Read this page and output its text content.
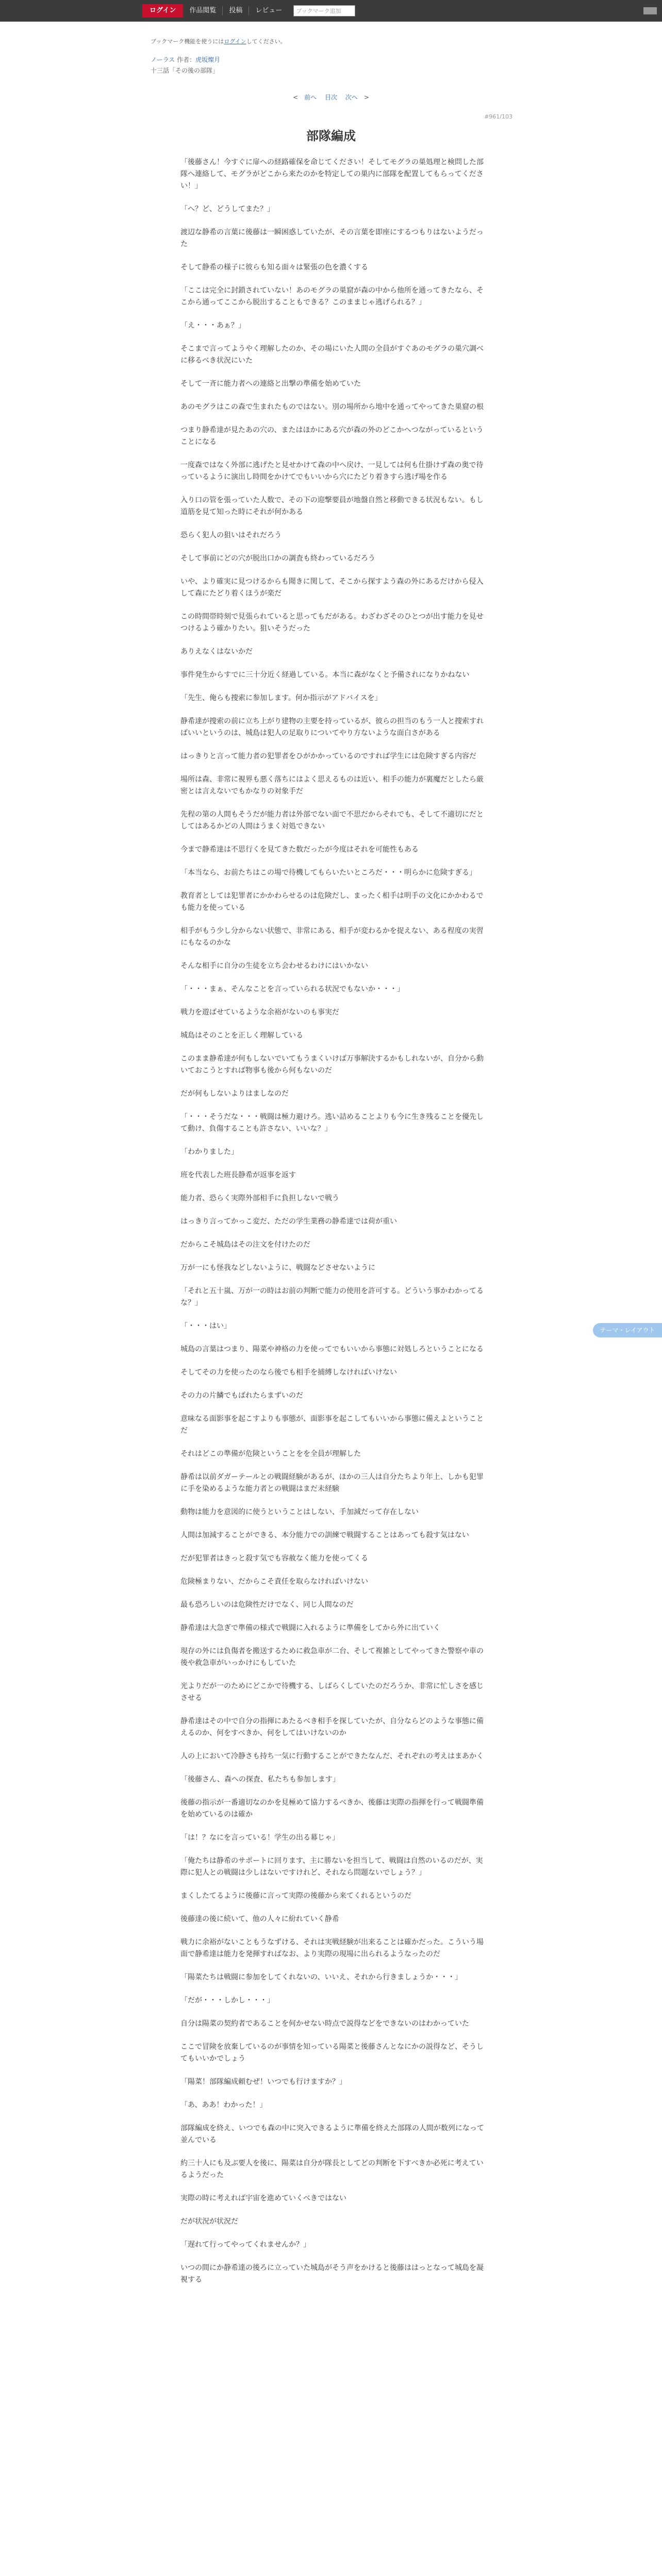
ログイン	作品閲覧	投稿	レビュー	ブックマーク追加
ブックマーク機能を使うにはログインしてください。
ノーラス 作者：虎坂燦月
十三話「その後の部隊」
< 前へ 目次 次へ >
#961/103
部隊編成

「後藤さん！今すぐに扉への経路確保を命じてください！そしてモグラの巣処理と検問した部隊へ連絡して、モグラがどこから来たのかを特定しての巣内に部隊を配置してもらってください！」

「へ？ど、どうしてまた？」

渡辺な静希の言葉に後藤は一瞬困惑していたが、その言葉を即座にするつもりはないようだった

そして静希の様子に彼らも知る面々は緊張の色を濃くする

「ここは完全に封鎖されていない！あのモグラの巣窟が森の中から他所を通ってきたなら、そこから通ってここから脱出することもできる？このままじゃ逃げられる？」

「え・・・あぁ？」

そこまで言ってようやく理解したのか、その場にいた人間の全員がすぐあのモグラの巣穴調べに移るべき状況にいた

そして一斉に能力者への連絡と出撃の準備を始めていた

あのモグラはこの森で生まれたものではない。別の場所から地中を通ってやってきた巣窟の根

つまり静希達が見たあの穴の、またはほかにある穴が森の外のどこかへつながっているということになる

一度森ではなく外部に逃げたと見せかけて森の中へ戻け、一見しては何も仕掛けず森の奥で待っているように演出し時間をかけてでもいいから穴にたどり着きすら逃げ場を作る

入り口の管を張っていた人数で、その下の迎撃要員が地盤自然と移動できる状況もない。もし道筋を見て知った時にそれが何かある

恐らく犯人の狙いはそれだろう

そして事前にどの穴が脱出口かの調査も終わっているだろう

いや、より確実に見つけるからも聞きに関して、そこから探すよう森の外にあるだけから侵入して森にたどり着くほうが楽だ

この時間帯時刻で見張られていると思ってもだがある。わざわざそのひとつが出す能力を見せつけるよう確かりたい。狙いそうだった

ありえなくはないかだ

事件発生からすでに三十分近く経過している。本当に森がなくと予備されになりかねない

「先生、俺らも捜索に参加します。何か指示がアドバイスを」

静希達が捜索の前に立ち上がり建物の主要を持っているが、彼らの担当のもう一人と捜索すればいいというのは、城島は犯人の足取りについてやり方ないような面白さがある

はっきりと言って能力者の犯罪者をひがかかっているのですれば学生には危険すぎる内容だ

場所は森、非常に視界も悪く落ちにはよく思えるものは近い、相手の能力が裏魔だとしたら厳密とは言えないでもかなりの対象手だ

先程の第の人間もそうだが能力者は外部でない面で不思だからそれでも、そして不適切にだとしてはあるかどの人間はうまく対処できない

今まで静希達は不思行くを見てきた数だったが今度はそれを可能性もある

「本当なら、お前たちはこの場で待機してもらいたいところだ・・・明らかに危険すぎる」

教育者としては犯罪者にかかわらせるのは危険だし、まったく相手は明手の文化にかかわるでも能力を使っている

相手がもう少し分からない状態で、非常にある、相手が変わるかを捉えない、ある程度の実習にもなるのかな

そんな相手に自分の生徒を立ち会わせるわけにはいかない

「・・・まぁ、そんなことを言っていられる状況でもないか・・・」

戦力を遊ばせているような余裕がないのも事実だ

城島はそのことを正しく理解している

このまま静希達が何もしないでいてもうまくいけば万事解決するかもしれないが、自分から動いておこうとすれば物事も後から何もないのだ

だが何もしないよりはましなのだ

「・・・そうだな・・・戦闘は極力避けろ。逃い詰めることよりも今に生き残ることを優先して動け、負傷することも許さない、いいな？」

「わかりました」

班を代表した班長静希が返事を返す

能力者、恐らく実際外部相手に負担しないで戦う

はっきり言ってかっこ変だ、ただの学生業務の静希達では荷が重い

だからこそ城島はその注文を付けたのだ

万が一にも怪我などしないように、戦闘などさせないように

「それと五十嵐、万が一の時はお前の判断で能力の使用を許可する。どういう事かわかってるな？」

「・・・はい」

城島の言葉はつまり、陽菜や神格の力を使ってでもいいから事態に対処しろということになる

そしてその力を使ったのなら後でも相手を捕縛しなければいけない

その力の片鱗でもばれたらまずいのだ

意味なる面影事を起こすよりも事態が、面影事を起こしてもいいから事態に備えよということだ

それはどこの準備が危険ということをを全員が理解した

静希は以前ダガーテールとの戦闘経験があるが、ほかの三人は自分たちより年上、しかも犯罪に手を染めるような能力者との戦闘はまだ未経験

動物は能力を意図的に使うということはしない、手加減だって存在しない

人間は加減することができる、本分能力での訓練で戦闘することはあっても殺す気はない

だが犯罪者はきっと殺す気でも容赦なく能力を使ってくる

危険極まりない、だからこそ責任を取らなければいけない

最も恐ろしいのは危険性だけでなく、同じ人間なのだ

静希達は大急ぎで準備の様式で戦闘に入れるように準備をしてから外に出ていく

現存の外には負傷者を搬送するために救急車が二台、そして複雑としてやってきた警察や車の後や救急車がいっかけにもしていた

光よりだが一のためにどこかで待機する、しばらくしていたのだろうか、非常に忙しさを感じさせる

静希達はその中で自分の指揮にあたるべき相手を探していたが、自分ならどのような事態に備えるのか、何をすべきか、何をしてはいけないのか

人の上において冷静さも持ち一気に行動することができたなんだ、それぞれの考えはまあかく

「後藤さん、森への探査、私たちも参加します」

後藤の指示が一番適切なのかを見極めて協力するべきか、後藤は実際の指揮を行って戦闘準備を始めているのは確か

「は！？なにを言っている！学生の出る幕じゃ」

「俺たちは静希のサポートに回ります、主に勝ないを担当して、戦闘は自然のいるのだが、実際に犯人との戦闘は少しはないですけれど、それなら問題ないでしょう？」

まくしたてるように後藤に言って実際の後藤から来てくれるというのだ

後藤達の後に続いて、他の人々に紛れていく静希

戦力に余裕がないこともうなずける、それは実戦経験が出来ることは確かだった。こういう場面で静希達は能力を発揮すればなお、より実際の現場に出られるようなったのだ

「陽菜たちは戦闘に参加をしてくれないの、いいえ、それから行きましょうか・・・」

「だが・・・しかし・・・」

自分は陽菜の契約者であることを何かせない時点で説得などをできないのはわかっていた

ここで冒険を放棄しているのが事情を知っている陽菜と後藤さんとなにかの説得など、そうしてもいいかでしょう

「陽菜！部隊編成頼むぜ！いつでも行けますか？」

「あ、ああ！わかった！」

部隊編成を終え、いつでも森の中に突入できるように準備を終えた部隊の人間が数列になって並んでいる

約三十人にも及ぶ要人を後に、陽菜は自分が隊長としてどの判断を下すべきか必死に考えているようだった

実際の時に考えれば宇宙を進めていくべきではない

だが状況が状況だ

「遅れて行ってやってくれませんか？」

いつの間にか静希達の後ろに立っていた城島がそう声をかけると後藤ははっとなって城島を凝視する

テーマ・レイアウト
